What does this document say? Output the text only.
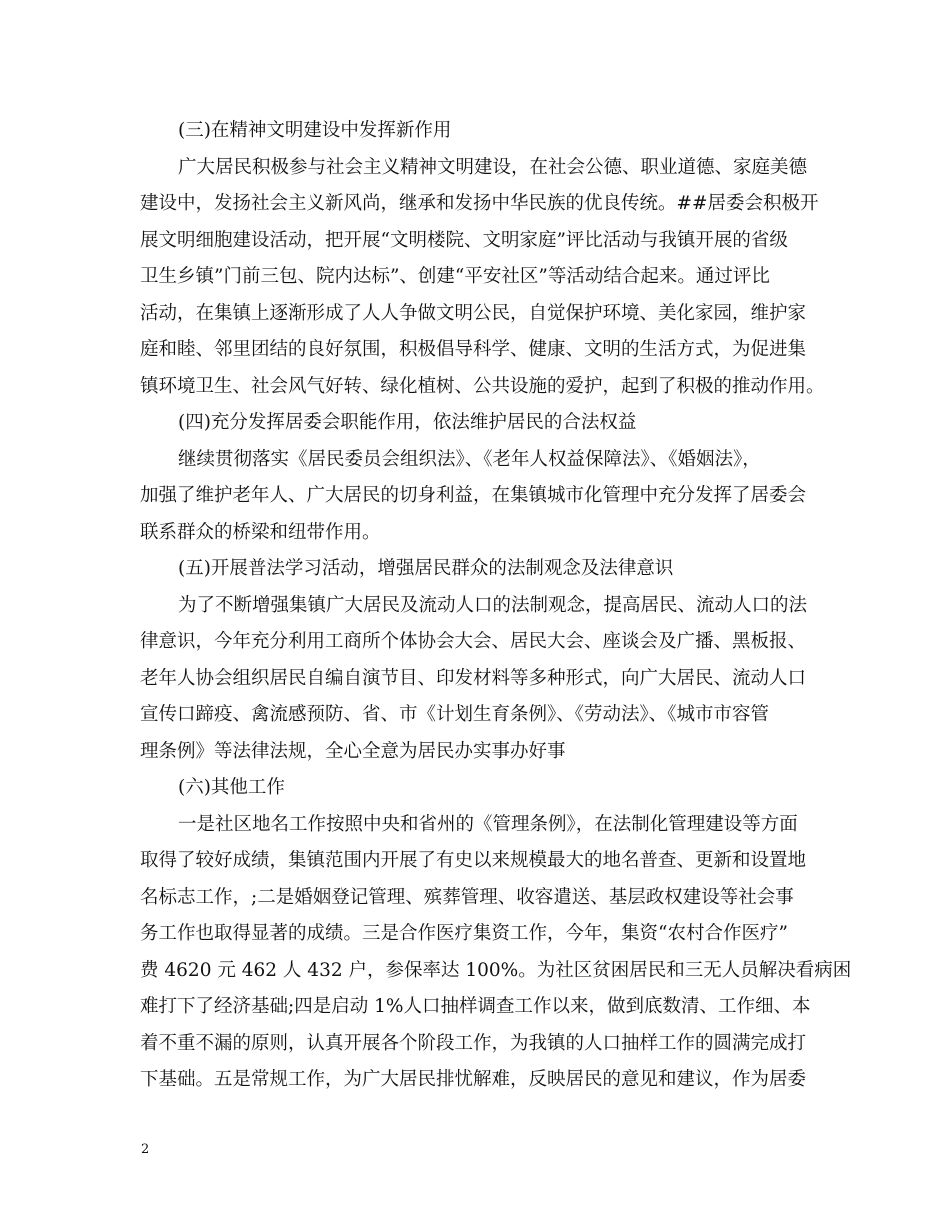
(三)在精神文明建设中发挥新作用
广大居民积极参与社会主义精神文明建设，在社会公德、职业道德、家庭美德
建设中，发扬社会主义新风尚，继承和发扬中华民族的优良传统。##居委会积极开
展文明细胞建设活动，把开展“文明楼院、文明家庭”评比活动与我镇开展的省级
卫生乡镇”门前三包、院内达标”、创建“平安社区”等活动结合起来。通过评比
活动，在集镇上逐渐形成了人人争做文明公民，自觉保护环境、美化家园，维护家
庭和睦、邻里团结的良好氛围，积极倡导科学、健康、文明的生活方式，为促进集
镇环境卫生、社会风气好转、绿化植树、公共设施的爱护，起到了积极的推动作用。
(四)充分发挥居委会职能作用，依法维护居民的合法权益
继续贯彻落实《居民委员会组织法》、《老年人权益保障法》、《婚姻法》，
加强了维护老年人、广大居民的切身利益，在集镇城市化管理中充分发挥了居委会
联系群众的桥梁和纽带作用。
(五)开展普法学习活动，增强居民群众的法制观念及法律意识
为了不断增强集镇广大居民及流动人口的法制观念，提高居民、流动人口的法
律意识，今年充分利用工商所个体协会大会、居民大会、座谈会及广播、黑板报、
老年人协会组织居民自编自演节目、印发材料等多种形式，向广大居民、流动人口
宣传口蹄疫、禽流感预防、省、市《计划生育条例》、《劳动法》、《城市市容管
理条例》等法律法规，全心全意为居民办实事办好事
(六)其他工作
一是社区地名工作按照中央和省州的《管理条例》，在法制化管理建设等方面
取得了较好成绩，集镇范围内开展了有史以来规模最大的地名普查、更新和设置地
名标志工作，;二是婚姻登记管理、殡葬管理、收容遣送、基层政权建设等社会事
务工作也取得显著的成绩。三是合作医疗集资工作，今年，集资“农村合作医疗”
费 4620 元 462 人 432 户，参保率达 100%。为社区贫困居民和三无人员解决看病困
难打下了经济基础;四是启动 1%人口抽样调查工作以来，做到底数清、工作细、本
着不重不漏的原则，认真开展各个阶段工作，为我镇的人口抽样工作的圆满完成打
下基础。五是常规工作，为广大居民排忧解难，反映居民的意见和建议，作为居委
2
